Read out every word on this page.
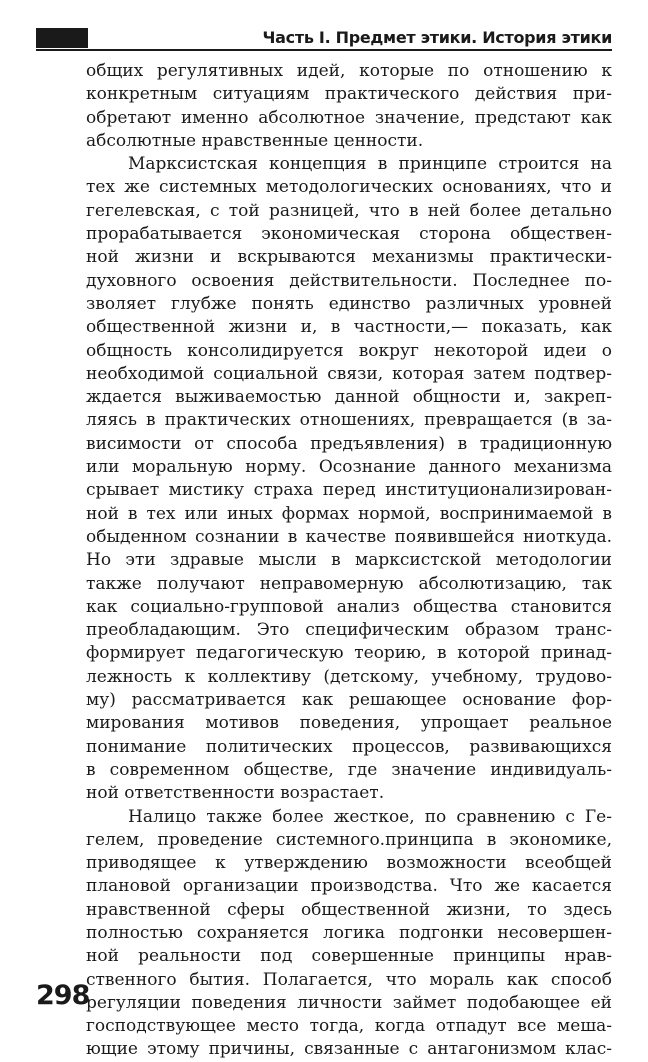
Часть I. Предмет этики. История этики
общих регулятивных идей, которые по отношению к
конкретным ситуациям практического действия при-
обретают именно абсолютное значение, предстают как
абсолютные нравственные ценности.
Марксистская концепция в принципе строится на
тех же системных методологических основаниях, что и
гегелевская, с той разницей, что в ней более детально
прорабатывается экономическая сторона обществен-
ной жизни и вскрываются механизмы практически-
духовного освоения действительности. Последнее по-
зволяет глубже понять единство различных уровней
общественной жизни и, в частности,— показать, как
общность консолидируется вокруг некоторой идеи о
необходимой социальной связи, которая затем подтвер-
ждается выживаемостью данной общности и, закреп-
ляясь в практических отношениях, превращается (в за-
висимости от способа предъявления) в традиционную
или моральную норму. Осознание данного механизма
срывает мистику страха перед институционализирован-
ной в тех или иных формах нормой, воспринимаемой в
обыденном сознании в качестве появившейся ниоткуда.
Но эти здравые мысли в марксистской методологии
также получают неправомерную абсолютизацию, так
как социально-групповой анализ общества становится
преобладающим. Это специфическим образом транс-
формирует педагогическую теорию, в которой принад-
лежность к коллективу (детскому, учебному, трудово-
му) рассматривается как решающее основание фор-
мирования мотивов поведения, упрощает реальное
понимание политических процессов, развивающихся
в современном обществе, где значение индивидуаль-
ной ответственности возрастает.
Налицо также более жесткое, по сравнению с Ге-
гелем, проведение системного.принципа в экономике,
приводящее к утверждению возможности всеобщей
плановой организации производства. Что же касается
нравственной сферы общественной жизни, то здесь
полностью сохраняется логика подгонки несовершен-
ной реальности под совершенные принципы нрав-
ственного бытия. Полагается, что мораль как способ
регуляции поведения личности займет подобающее ей
господствующее место тогда, когда отпадут все меша-
ющие этому причины, связанные с антагонизмом клас-
298
